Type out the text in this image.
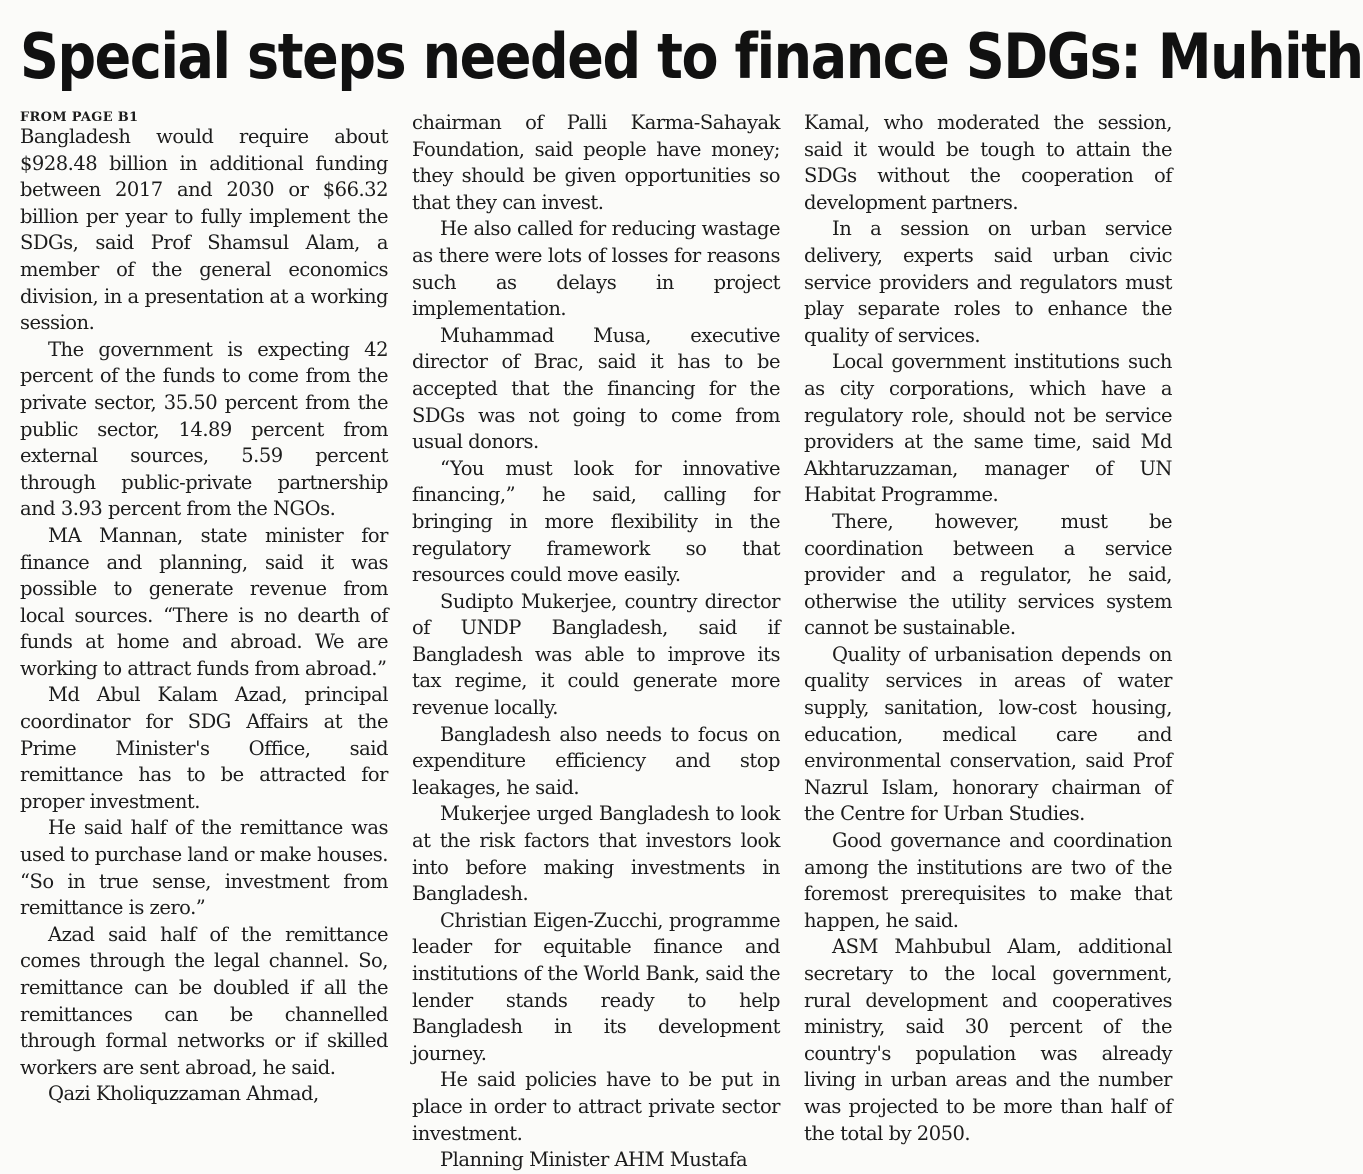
Special steps needed to finance SDGs: Muhith
FROM PAGE B1

Bangladesh would require about $928.48 billion in additional funding between 2017 and 2030 or $66.32 billion per year to fully implement the SDGs, said Prof Shamsul Alam, a member of the general economics division, in a presentation at a working session.

The government is expecting 42 percent of the funds to come from the private sector, 35.50 percent from the public sector, 14.89 percent from external sources, 5.59 percent through public-private partnership and 3.93 percent from the NGOs.

MA Mannan, state minister for finance and planning, said it was possible to generate revenue from local sources. “There is no dearth of funds at home and abroad. We are working to attract funds from abroad.”

Md Abul Kalam Azad, principal coordinator for SDG Affairs at the Prime Minister's Office, said remittance has to be attracted for proper investment.

He said half of the remittance was used to purchase land or make houses. “So in true sense, investment from remittance is zero.”

Azad said half of the remittance comes through the legal channel. So, remittance can be doubled if all the remittances can be channelled through formal networks or if skilled workers are sent abroad, he said.

Qazi Kholiquzzaman Ahmad,

chairman of Palli Karma-Sahayak Foundation, said people have money; they should be given opportunities so that they can invest.

He also called for reducing wastage as there were lots of losses for reasons such as delays in project implementation.

Muhammad Musa, executive director of Brac, said it has to be accepted that the financing for the SDGs was not going to come from usual donors.

“You must look for innovative financing,” he said, calling for bringing in more flexibility in the regulatory framework so that resources could move easily.

Sudipto Mukerjee, country director of UNDP Bangladesh, said if Bangladesh was able to improve its tax regime, it could generate more revenue locally.

Bangladesh also needs to focus on expenditure efficiency and stop leakages, he said.

Mukerjee urged Bangladesh to look at the risk factors that investors look into before making investments in Bangladesh.

Christian Eigen-Zucchi, programme leader for equitable finance and institutions of the World Bank, said the lender stands ready to help Bangladesh in its development journey.

He said policies have to be put in place in order to attract private sector investment.

Planning Minister AHM Mustafa

Kamal, who moderated the session, said it would be tough to attain the SDGs without the cooperation of development partners.

In a session on urban service delivery, experts said urban civic service providers and regulators must play separate roles to enhance the quality of services.

Local government institutions such as city corporations, which have a regulatory role, should not be service providers at the same time, said Md Akhtaruzzaman, manager of UN Habitat Programme.

There, however, must be coordination between a service provider and a regulator, he said, otherwise the utility services system cannot be sustainable.

Quality of urbanisation depends on quality services in areas of water supply, sanitation, low-cost housing, education, medical care and environmental conservation, said Prof Nazrul Islam, honorary chairman of the Centre for Urban Studies.

Good governance and coordination among the institutions are two of the foremost prerequisites to make that happen, he said.

ASM Mahbubul Alam, additional secretary to the local government, rural development and cooperatives ministry, said 30 percent of the country's population was already living in urban areas and the number was projected to be more than half of the total by 2050.
